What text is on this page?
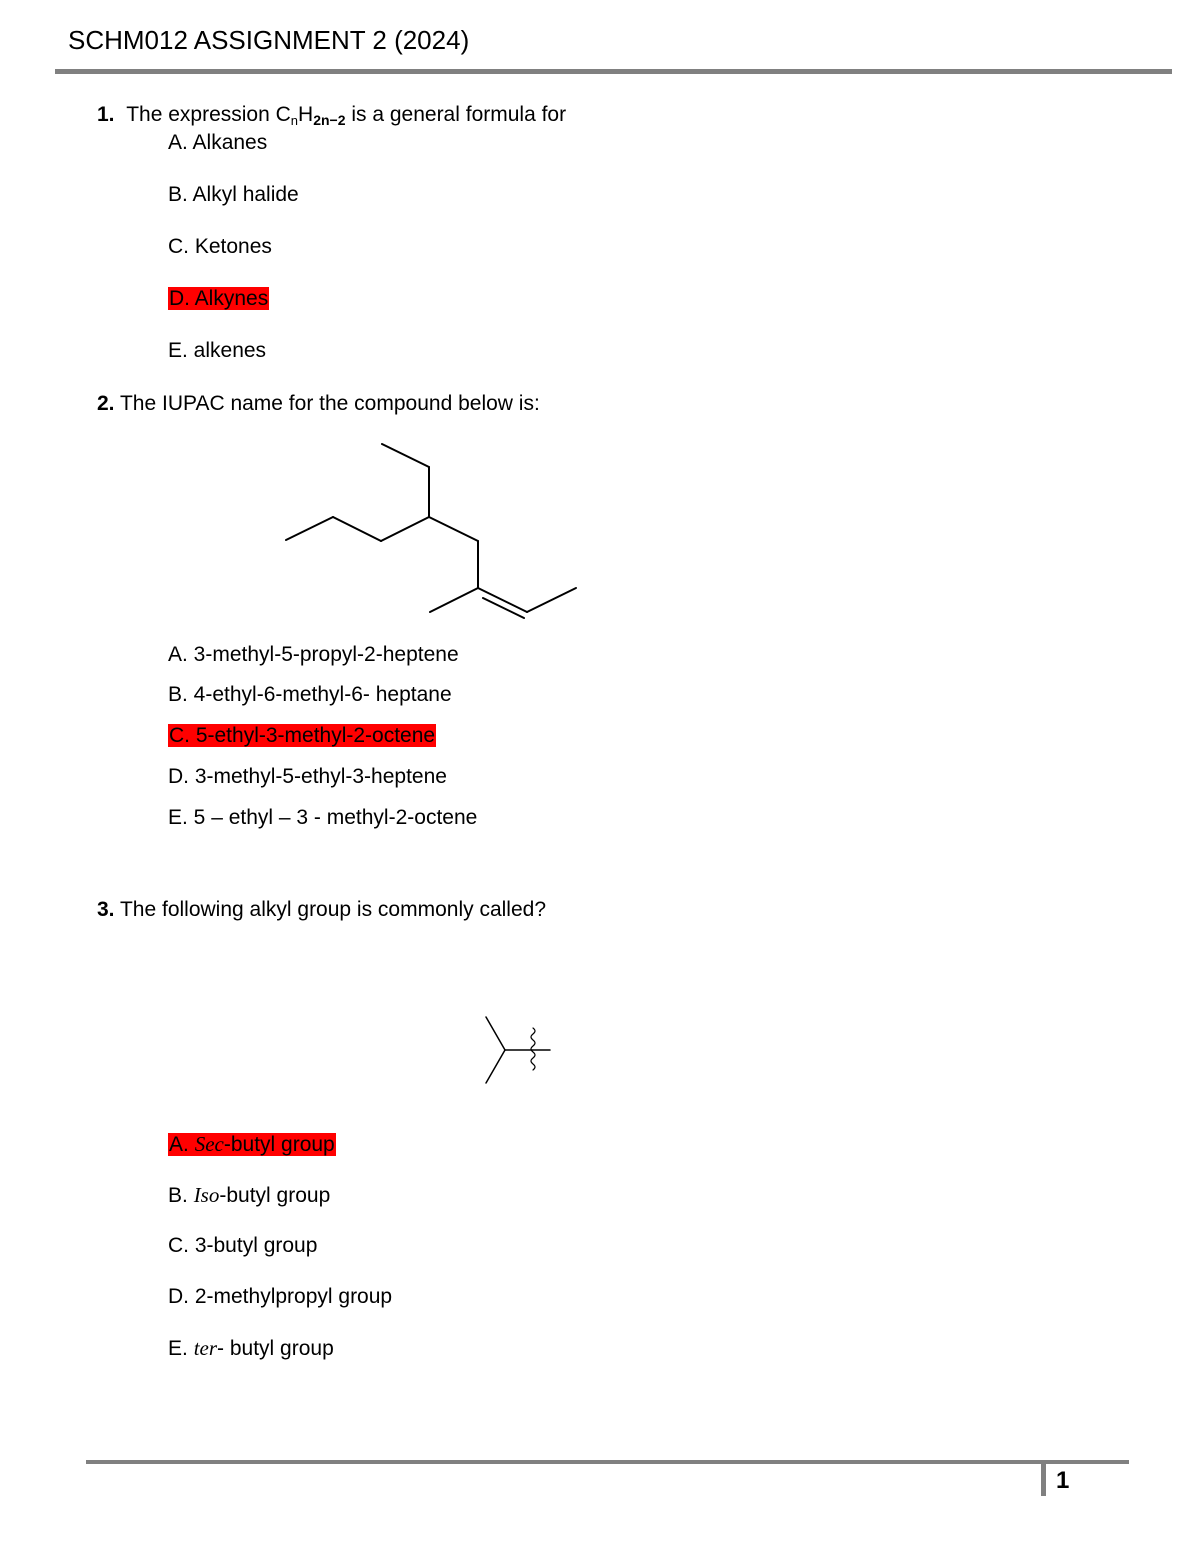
SCHM012 ASSIGNMENT 2 (2024)
1. The expression $C_nH2n-2$ is a general formula for
A. Alkanes
B. Alkyl halide
C. Ketones
D. Alkynes
E. alkenes
2. The IUPAC name for the compound below is:
A. 3-methyl-5-propyl-2-heptene
B. 4-ethyl-6-methyl-6- heptane
C. 5-ethyl-3-methyl-2-octene
D. 3-methyl-5-ethyl-3-heptene
E. 5 – ethyl – 3 - methyl-2-octene
3. The following alkyl group is commonly called?
A. Sec-butyl group
B. Iso-butyl group
C. 3-butyl group
D. 2-methylpropyl group
E. ter- butyl group
1
